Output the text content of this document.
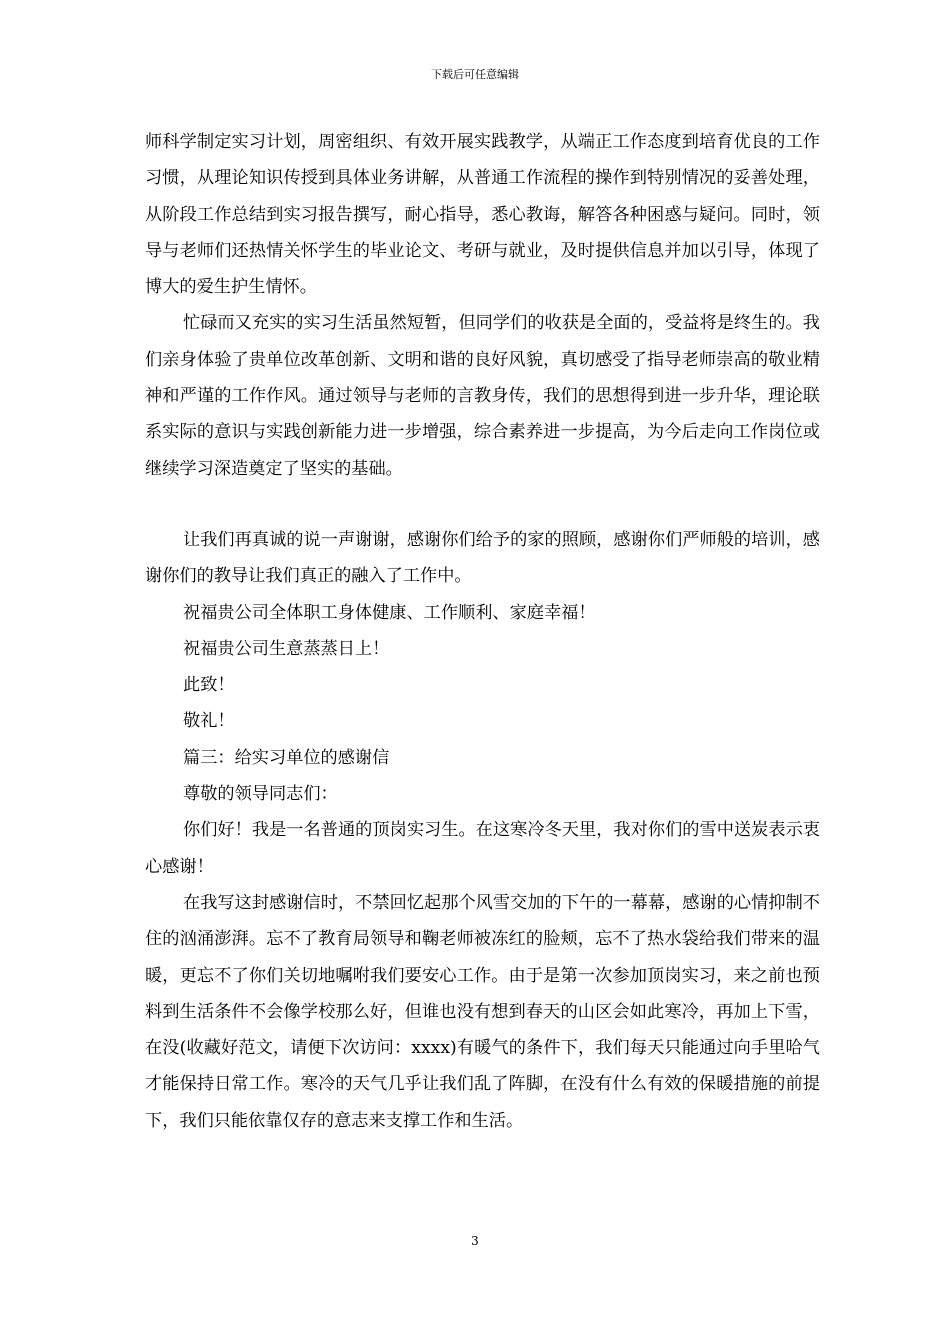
下载后可任意编辑

师科学制定实习计划，周密组织、有效开展实践教学，从端正工作态度到培育优良的工作习惯，从理论知识传授到具体业务讲解，从普通工作流程的操作到特别情况的妥善处理，从阶段工作总结到实习报告撰写，耐心指导，悉心教诲，解答各种困惑与疑问。同时，领导与老师们还热情关怀学生的毕业论文、考研与就业，及时提供信息并加以引导，体现了博大的爱生护生情怀。

忙碌而又充实的实习生活虽然短暂，但同学们的收获是全面的，受益将是终生的。我们亲身体验了贵单位改革创新、文明和谐的良好风貌，真切感受了指导老师崇高的敬业精神和严谨的工作作风。通过领导与老师的言教身传，我们的思想得到进一步升华，理论联系实际的意识与实践创新能力进一步增强，综合素养进一步提高，为今后走向工作岗位或继续学习深造奠定了坚实的基础。

让我们再真诚的说一声谢谢，感谢你们给予的家的照顾，感谢你们严师般的培训，感谢你们的教导让我们真正的融入了工作中。

祝福贵公司全体职工身体健康、工作顺利、家庭幸福！

祝福贵公司生意蒸蒸日上！

此致！

敬礼！

篇三：给实习单位的感谢信

尊敬的领导同志们：

你们好！我是一名普通的顶岗实习生。在这寒冷冬天里，我对你们的雪中送炭表示衷心感谢！

在我写这封感谢信时，不禁回忆起那个风雪交加的下午的一幕幕，感谢的心情抑制不住的汹涌澎湃。忘不了教育局领导和鞠老师被冻红的脸颊，忘不了热水袋给我们带来的温暖，更忘不了你们关切地嘱咐我们要安心工作。由于是第一次参加顶岗实习，来之前也预料到生活条件不会像学校那么好，但谁也没有想到春天的山区会如此寒冷，再加上下雪，在没(收藏好范文，请便下次访问：xxxx)有暖气的条件下，我们每天只能通过向手里哈气才能保持日常工作。寒冷的天气几乎让我们乱了阵脚，在没有什么有效的保暖措施的前提下，我们只能依靠仅存的意志来支撑工作和生活。

3
